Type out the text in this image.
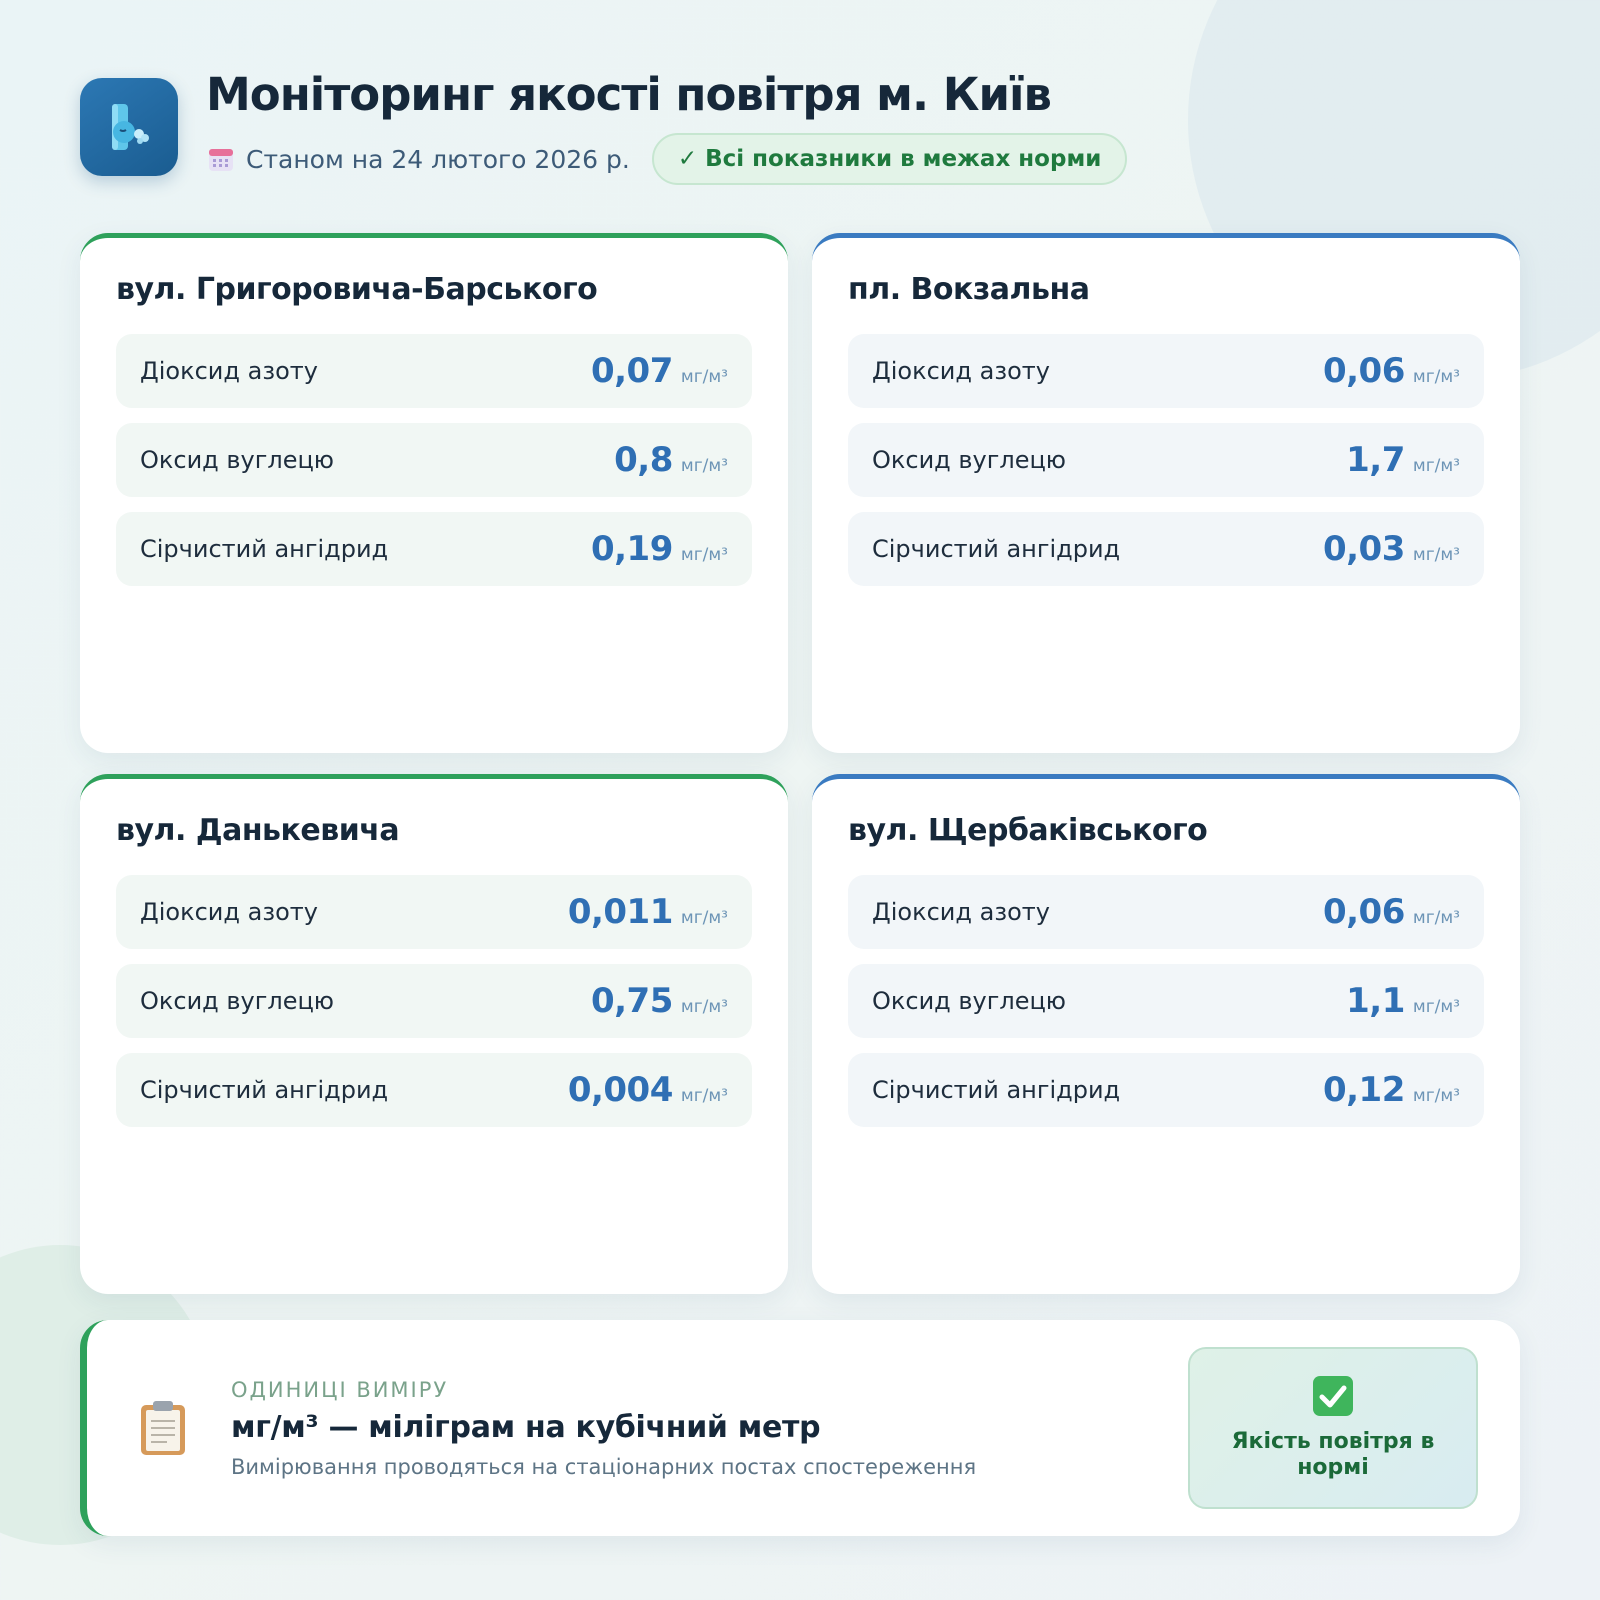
Моніторинг якості повітря м. Київ
Станом на 24 лютого 2026 р. ✓ Всі показники в межах норми
вул. Григоровича-Барського
Діоксид азоту	0,07 мг/м³
Оксид вуглецю	0,8 мг/м³
Сірчистий ангідрид	0,19 мг/м³
пл. Вокзальна
Діоксид азоту	0,06 мг/м³
Оксид вуглецю	1,7 мг/м³
Сірчистий ангідрид	0,03 мг/м³
вул. Данькевича
Діоксид азоту	0,011 мг/м³
Оксид вуглецю	0,75 мг/м³
Сірчистий ангідрид	0,004 мг/м³
вул. Щербаківського
Діоксид азоту	0,06 мг/м³
Оксид вуглецю	1,1 мг/м³
Сірчистий ангідрид	0,12 мг/м³
ОДИНИЦІ ВИМІРУ
мг/м³ — міліграм на кубічний метр
Вимірювання проводяться на стаціонарних постах спостереження
Якість повітря в нормі
